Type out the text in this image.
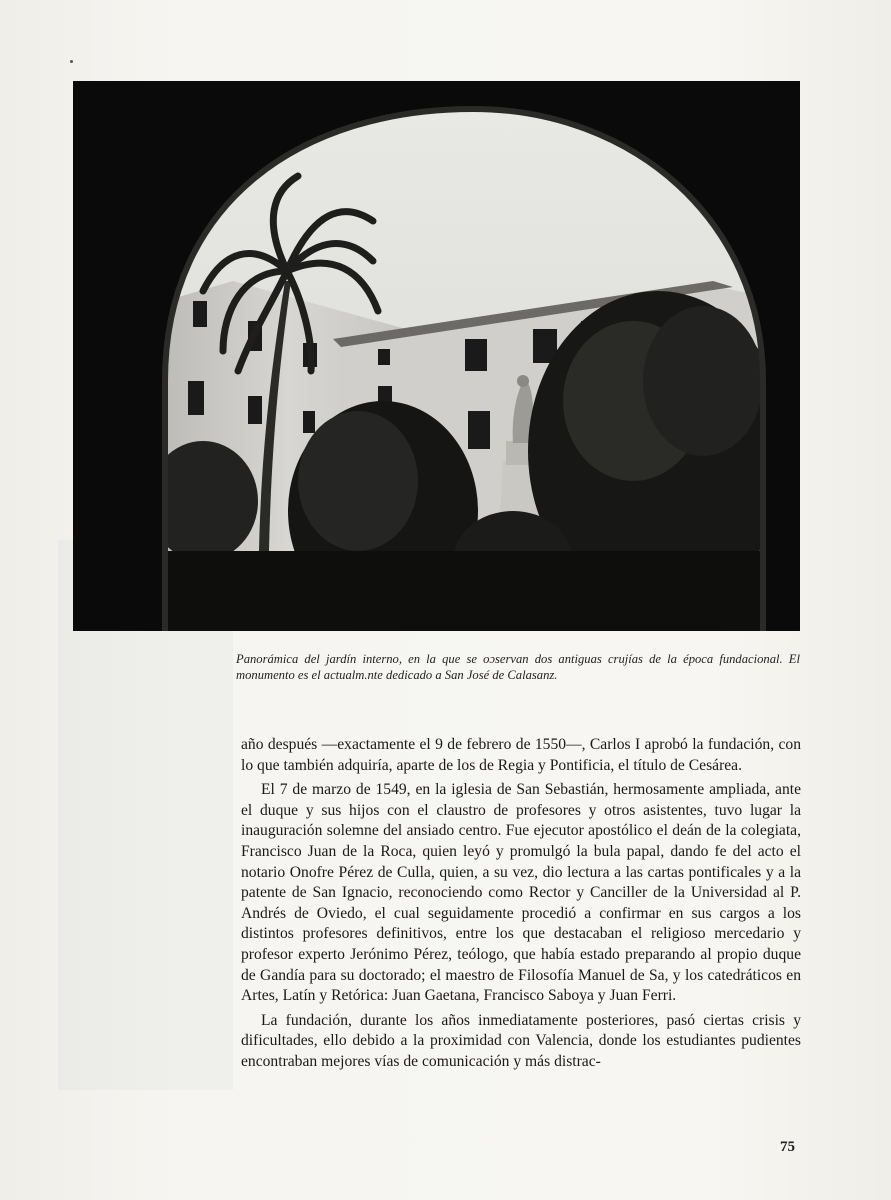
Panorámica del jardín interno, en la que se oɔservan dos antiguas crujías de la época fundacional. El monumento es el actualm.nte dedicado a San José de Calasanz.

año después —exactamente el 9 de febrero de 1550—, Carlos I aprobó la fundación, con lo que también adquiría, aparte de los de Regia y Pontificia, el título de Cesárea.

El 7 de marzo de 1549, en la iglesia de San Sebastián, hermosamente ampliada, ante el duque y sus hijos con el claustro de profesores y otros asistentes, tuvo lugar la inauguración solemne del ansiado centro. Fue ejecutor apostólico el deán de la colegiata, Francisco Juan de la Roca, quien leyó y promulgó la bula papal, dando fe del acto el notario Onofre Pérez de Culla, quien, a su vez, dio lectura a las cartas pontificales y a la patente de San Ignacio, reconociendo como Rector y Canciller de la Universidad al P. Andrés de Oviedo, el cual seguidamente procedió a confirmar en sus cargos a los distintos profesores definitivos, entre los que destacaban el religioso mercedario y profesor experto Jerónimo Pérez, teólogo, que había estado preparando al propio duque de Gandía para su doctorado; el maestro de Filosofía Manuel de Sa, y los catedráticos en Artes, Latín y Retórica: Juan Gaetana, Francisco Saboya y Juan Ferri.

La fundación, durante los años inmediatamente posteriores, pasó ciertas crisis y dificultades, ello debido a la proximidad con Valencia, donde los estudiantes pudientes encontraban mejores vías de comunicación y más distrac-

75
